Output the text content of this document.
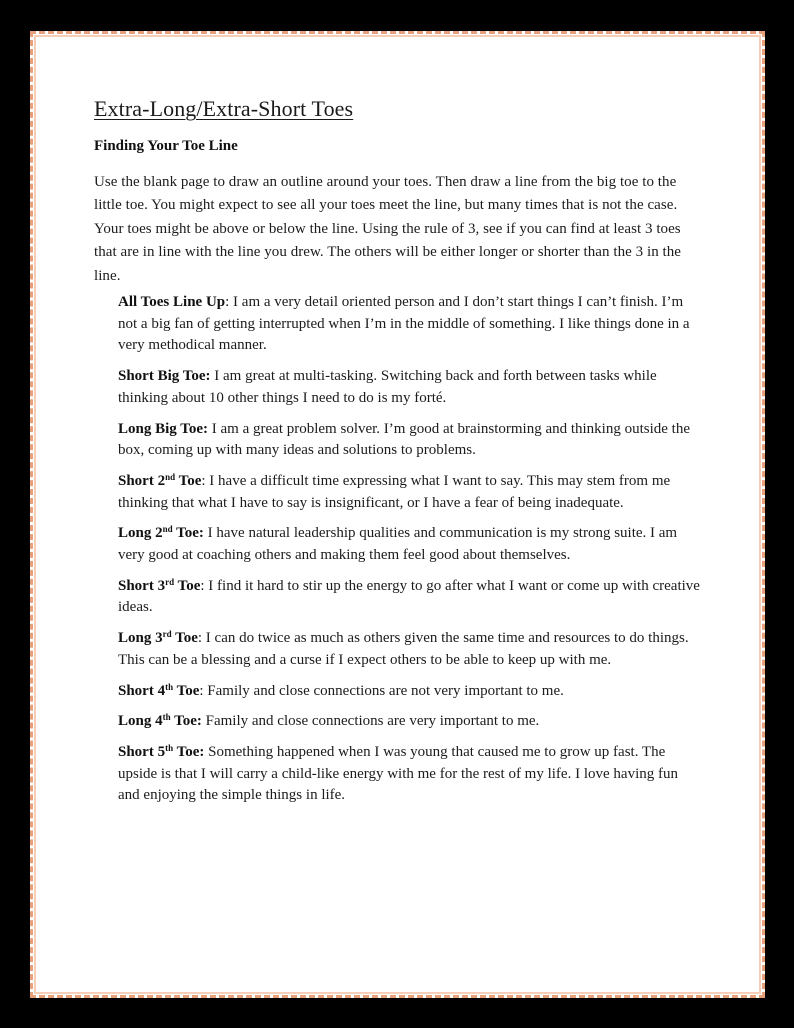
Extra-Long/Extra-Short Toes
Finding Your Toe Line

Use the blank page to draw an outline around your toes. Then draw a line from the big toe to the little toe. You might expect to see all your toes meet the line, but many times that is not the case. Your toes might be above or below the line. Using the rule of 3, see if you can find at least 3 toes that are in line with the line you drew. The others will be either longer or shorter than the 3 in the line.

All Toes Line Up: I am a very detail oriented person and I don’t start things I can’t finish. I’m not a big fan of getting interrupted when I’m in the middle of something. I like things done in a very methodical manner.

Short Big Toe: I am great at multi-tasking. Switching back and forth between tasks while thinking about 10 other things I need to do is my forté.

Long Big Toe: I am a great problem solver. I’m good at brainstorming and thinking outside the box, coming up with many ideas and solutions to problems.

Short 2nd Toe: I have a difficult time expressing what I want to say. This may stem from me thinking that what I have to say is insignificant, or I have a fear of being inadequate.

Long 2nd Toe: I have natural leadership qualities and communication is my strong suite. I am very good at coaching others and making them feel good about themselves.

Short 3rd Toe: I find it hard to stir up the energy to go after what I want or come up with creative ideas.

Long 3rd Toe: I can do twice as much as others given the same time and resources to do things. This can be a blessing and a curse if I expect others to be able to keep up with me.

Short 4th Toe: Family and close connections are not very important to me.

Long 4th Toe: Family and close connections are very important to me.

Short 5th Toe: Something happened when I was young that caused me to grow up fast. The upside is that I will carry a child-like energy with me for the rest of my life. I love having fun and enjoying the simple things in life.
